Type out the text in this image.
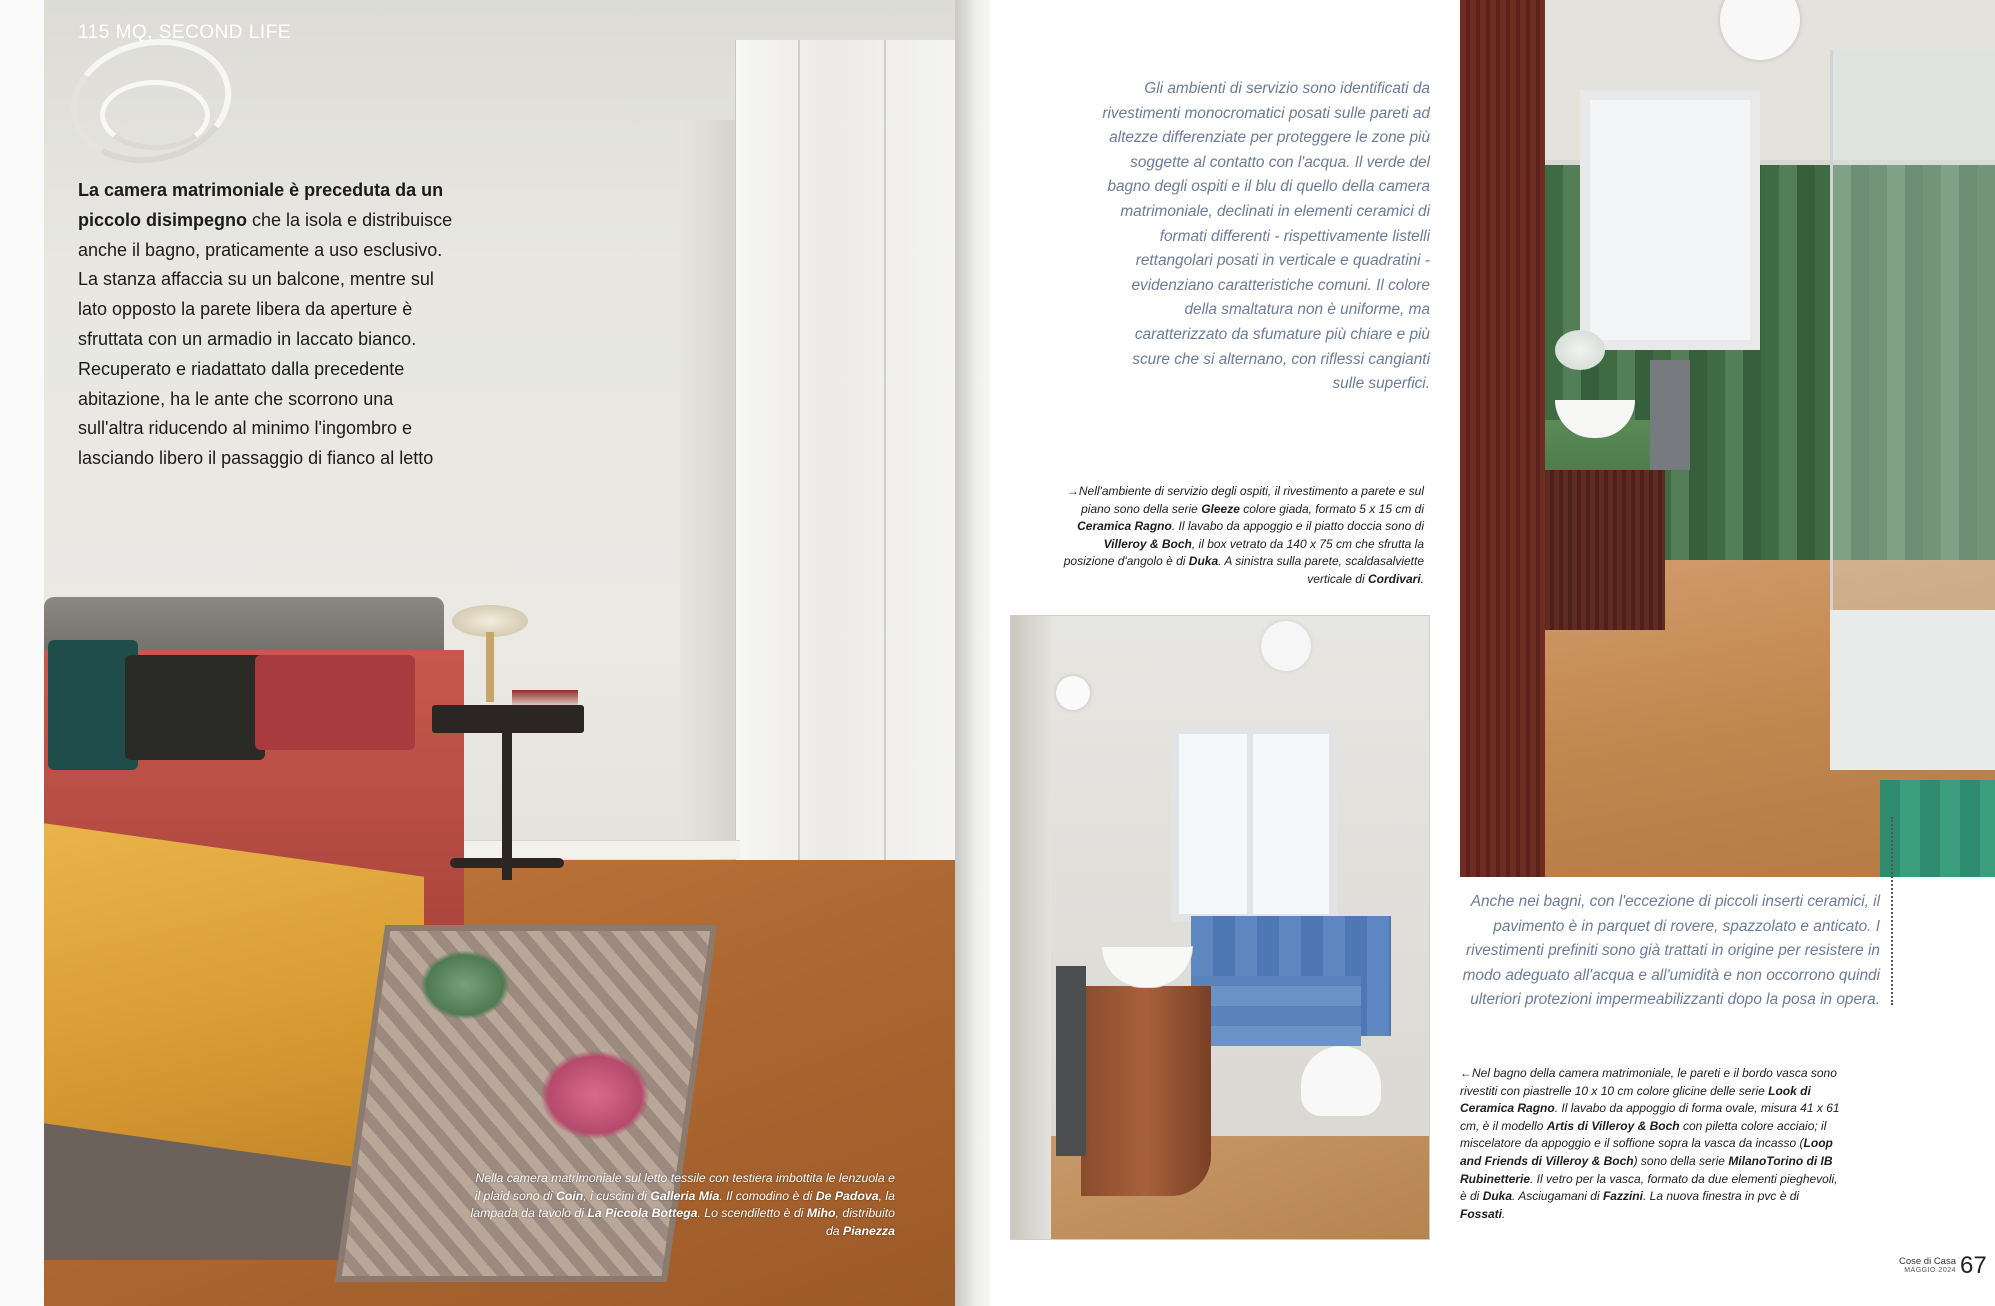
115 MQ, SECOND LIFE

La camera matrimoniale è preceduta da un piccolo disimpegno che la isola e distribuisce anche il bagno, praticamente a uso esclusivo. La stanza affaccia su un balcone, mentre sul lato opposto la parete libera da aperture è sfruttata con un armadio in laccato bianco. Recuperato e riadattato dalla precedente abitazione, ha le ante che scorrono una sull'altra riducendo al minimo l'ingombro e lasciando libero il passaggio di fianco al letto

Nella camera matrimoniale sul letto tessile con testiera imbottita le lenzuola e il plaid sono di Coin, i cuscini di Galleria Mia. Il comodino è di De Padova, la lampada da tavolo di La Piccola Bottega. Lo scendiletto è di Miho, distribuito da Pianezza

Gli ambienti di servizio sono identificati da rivestimenti monocromatici posati sulle pareti ad altezze differenziate per proteggere le zone più soggette al contatto con l'acqua. Il verde del bagno degli ospiti e il blu di quello della camera matrimoniale, declinati in elementi ceramici di formati differenti - rispettivamente listelli rettangolari posati in verticale e quadratini - evidenziano caratteristiche comuni. Il colore della smaltatura non è uniforme, ma caratterizzato da sfumature più chiare e più scure che si alternano, con riflessi cangianti sulle superfici.

→Nell'ambiente di servizio degli ospiti, il rivestimento a parete e sul piano sono della serie Gleeze colore giada, formato 5 x 15 cm di Ceramica Ragno. Il lavabo da appoggio e il piatto doccia sono di Villeroy & Boch, il box vetrato da 140 x 75 cm che sfrutta la posizione d'angolo è di Duka. A sinistra sulla parete, scaldasalviette verticale di Cordivari.

Anche nei bagni, con l'eccezione di piccoli inserti ceramici, il pavimento è in parquet di rovere, spazzolato e anticato. I rivestimenti prefiniti sono già trattati in origine per resistere in modo adeguato all'acqua e all'umidità e non occorrono quindi ulteriori protezioni impermeabilizzanti dopo la posa in opera.

←Nel bagno della camera matrimoniale, le pareti e il bordo vasca sono rivestiti con piastrelle 10 x 10 cm colore glicine delle serie Look di Ceramica Ragno. Il lavabo da appoggio di forma ovale, misura 41 x 61 cm, è il modello Artis di Villeroy & Boch con piletta colore acciaio; il miscelatore da appoggio e il soffione sopra la vasca da incasso (Loop and Friends di Villeroy & Boch) sono della serie MilanoTorino di IB Rubinetterie. Il vetro per la vasca, formato da due elementi pieghevoli, è di Duka. Asciugamani di Fazzini. La nuova finestra in pvc è di Fossati.

Cose di Casa
MAGGIO 2024 67
